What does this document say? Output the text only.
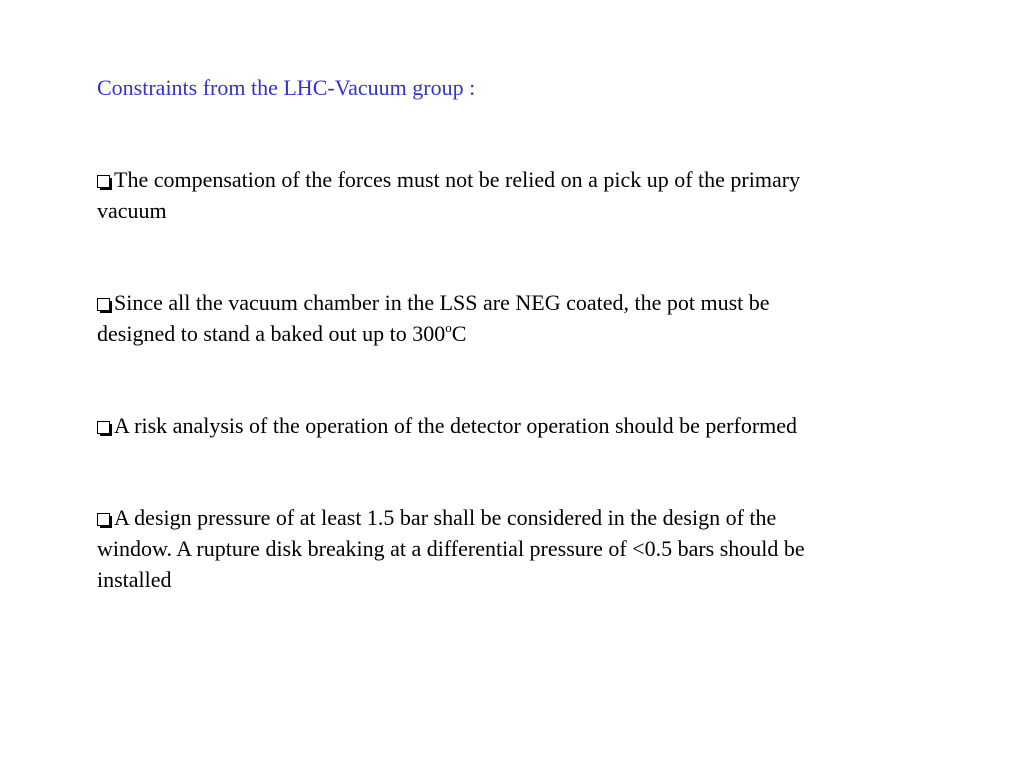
Constraints from the LHC-Vacuum group :
The compensation of the forces must not be relied on a pick up of the primary vacuum
Since all the vacuum chamber in the LSS are NEG coated, the pot must be designed to stand a baked out up to 300$^o$C
A risk analysis of the operation of the detector operation should be performed
A design pressure of at least 1.5 bar shall be considered in the design of the window. A rupture disk breaking at a differential pressure of <0.5 bars should be installed
